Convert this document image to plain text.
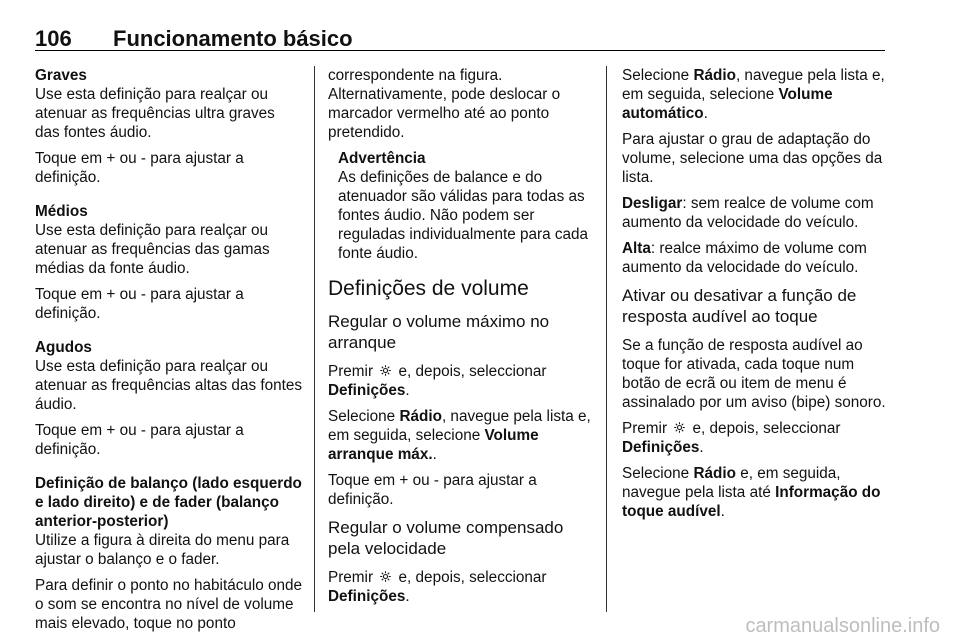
106 Funcionamento básico
Graves

Use esta definição para realçar ou atenuar as frequências ultra graves das fontes áudio.

Toque em + ou - para ajustar a definição.

Médios

Use esta definição para realçar ou atenuar as frequências das gamas médias da fonte áudio.

Toque em + ou - para ajustar a definição.

Agudos

Use esta definição para realçar ou atenuar as frequências altas das fontes áudio.

Toque em + ou - para ajustar a definição.

Definição de balanço (lado esquerdo e lado direito) e de fader (balanço anterior-posterior)

Utilize a figura à direita do menu para ajustar o balanço e o fader.

Para definir o ponto no habitáculo onde o som se encontra no nível de volume mais elevado, toque no ponto

correspondente na figura. Alternativamente, pode deslocar o marcador vermelho até ao ponto pretendido.

Advertência
As definições de balance e do atenuador são válidas para todas as fontes áudio. Não podem ser reguladas individualmente para cada fonte áudio.
Definições de volume
Regular o volume máximo no arranque

Premir e, depois, seleccionar Definições.

Selecione Rádio, navegue pela lista e, em seguida, selecione Volume arranque máx..

Toque em + ou - para ajustar a definição.

Regular o volume compensado pela velocidade

Premir e, depois, seleccionar Definições.

Selecione Rádio, navegue pela lista e, em seguida, selecione Volume automático.

Para ajustar o grau de adaptação do volume, selecione uma das opções da lista.

Desligar: sem realce de volume com aumento da velocidade do veículo.

Alta: realce máximo de volume com aumento da velocidade do veículo.

Ativar ou desativar a função de resposta audível ao toque

Se a função de resposta audível ao toque for ativada, cada toque num botão de ecrã ou item de menu é assinalado por um aviso (bipe) sonoro.

Premir e, depois, seleccionar Definições.

Selecione Rádio e, em seguida, navegue pela lista até Informação do toque audível.

carmanualsonline.info
